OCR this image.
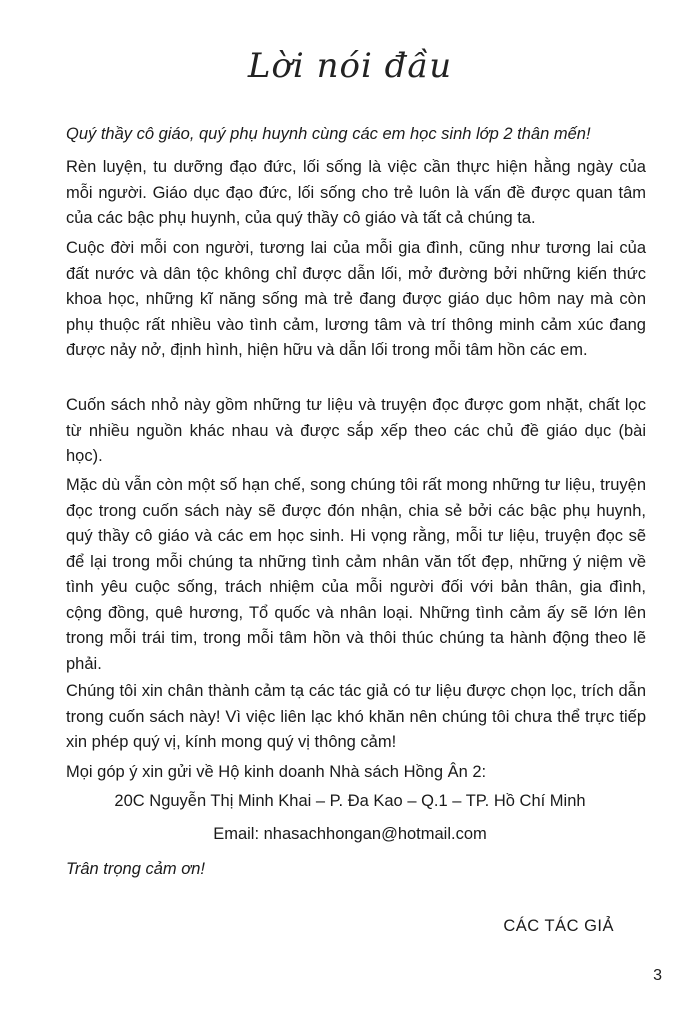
Lời nói đầu

Quý thầy cô giáo, quý phụ huynh cùng các em học sinh lớp 2 thân mến!

Rèn luyện, tu dưỡng đạo đức, lối sống là việc cần thực hiện hằng ngày của mỗi người. Giáo dục đạo đức, lối sống cho trẻ luôn là vấn đề được quan tâm của các bậc phụ huynh, của quý thầy cô giáo và tất cả chúng ta.

Cuộc đời mỗi con người, tương lai của mỗi gia đình, cũng như tương lai của đất nước và dân tộc không chỉ được dẫn lối, mở đường bởi những kiến thức khoa học, những kĩ năng sống mà trẻ đang được giáo dục hôm nay mà còn phụ thuộc rất nhiều vào tình cảm, lương tâm và trí thông minh cảm xúc đang được nảy nở, định hình, hiện hữu và dẫn lối trong mỗi tâm hồn các em.

Cuốn sách nhỏ này gồm những tư liệu và truyện đọc được gom nhặt, chất lọc từ nhiều nguồn khác nhau và được sắp xếp theo các chủ đề giáo dục (bài học).

Mặc dù vẫn còn một số hạn chế, song chúng tôi rất mong những tư liệu, truyện đọc trong cuốn sách này sẽ được đón nhận, chia sẻ bởi các bậc phụ huynh, quý thầy cô giáo và các em học sinh. Hi vọng rằng, mỗi tư liệu, truyện đọc sẽ để lại trong mỗi chúng ta những tình cảm nhân văn tốt đẹp, những ý niệm về tình yêu cuộc sống, trách nhiệm của mỗi người đối với bản thân, gia đình, cộng đồng, quê hương, Tổ quốc và nhân loại. Những tình cảm ấy sẽ lớn lên trong mỗi trái tim, trong mỗi tâm hồn và thôi thúc chúng ta hành động theo lẽ phải.

Chúng tôi xin chân thành cảm tạ các tác giả có tư liệu được chọn lọc, trích dẫn trong cuốn sách này! Vì việc liên lạc khó khăn nên chúng tôi chưa thể trực tiếp xin phép quý vị, kính mong quý vị thông cảm!

Mọi góp ý xin gửi về Hộ kinh doanh Nhà sách Hồng Ân 2:

20C Nguyễn Thị Minh Khai – P. Đa Kao – Q.1 – TP. Hồ Chí Minh
Email: nhasachhongan@hotmail.com
Trân trọng cảm ơn!
CÁC TÁC GIẢ
3
